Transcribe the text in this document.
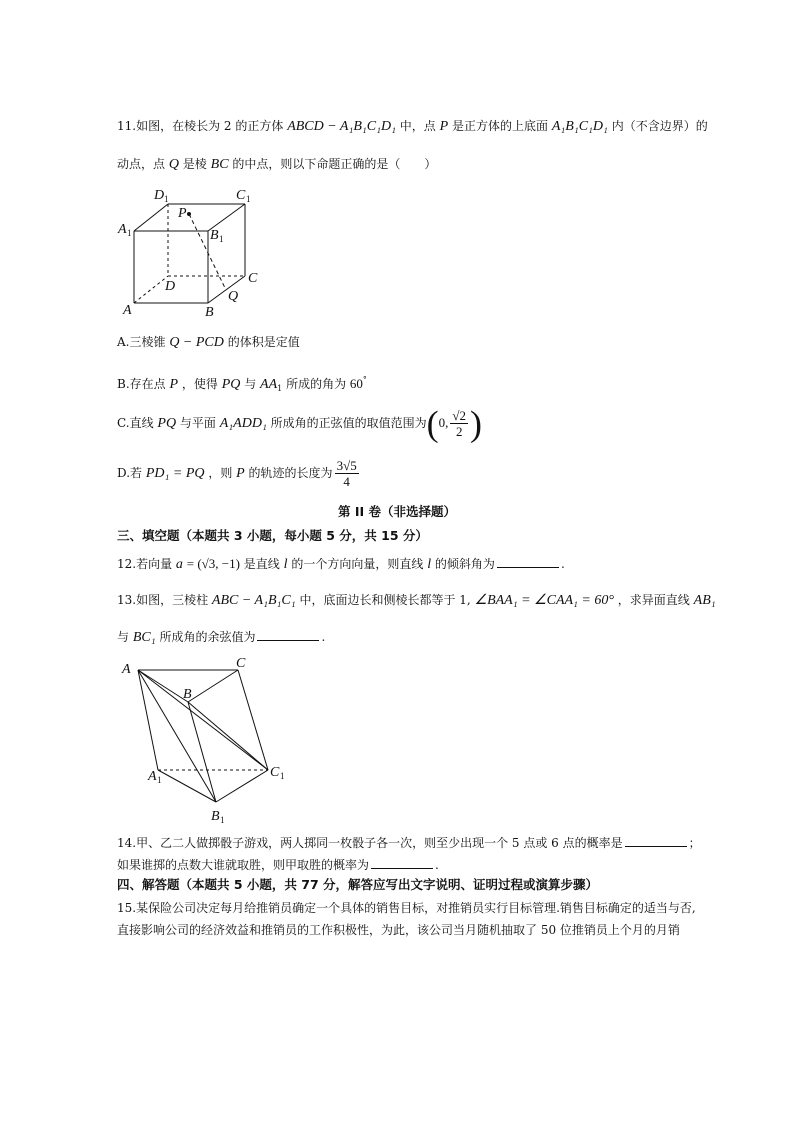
11.如图，在棱长为 2 的正方体 ABCD − A₁B₁C₁D₁ 中，点 P 是正方体的上底面 A₁B₁C₁D₁ 内（不含边界）的
动点，点 Q 是棱 BC 的中点，则以下命题正确的是（　　）
D 1	C 1
A 1
P
B 1
C
D
Q
A	B
A.三棱锥 Q − PCD 的体积是定值
B.存在点 P ，使得 PQ 与 $AA_1$ 所成的角为 60°
C.直线 PQ 与平面 A₁ADD₁ 所成角的正弦值的取值范围为(0, $\frac{√2}{2}$ )
D.若 PD₁ = PQ ，则 P 的轨迹的长度为 $\frac{3√5}{4}$
第 II 卷（非选择题）
三、填空题（本题共 3 小题，每小题 5 分，共 15 分）
12.若向量 a = (√3, −1) 是直线 l 的一个方向向量，则直线 l 的倾斜角为	.
13.如图，三棱柱 ABC − A₁B₁C₁ 中，底面边长和侧棱长都等于 1, ∠BAA₁ = ∠CAA₁ = 60° ，求异面直线 AB₁
与 BC₁ 所成角的余弦值为	.
A	C
B
A 1	C 1
B 1
14.甲、乙二人做掷骰子游戏，两人掷同一枚骰子各一次，则至少出现一个 5 点或 6 点的概率是	；
如果谁掷的点数大谁就取胜，则甲取胜的概率为	.
四、解答题（本题共 5 小题，共 77 分，解答应写出文字说明、证明过程或演算步骤）
15.某保险公司决定每月给推销员确定一个具体的销售目标，对推销员实行目标管理.销售目标确定的适当与否,
直接影响公司的经济效益和推销员的工作积极性，为此，该公司当月随机抽取了 50 位推销员上个月的月销
